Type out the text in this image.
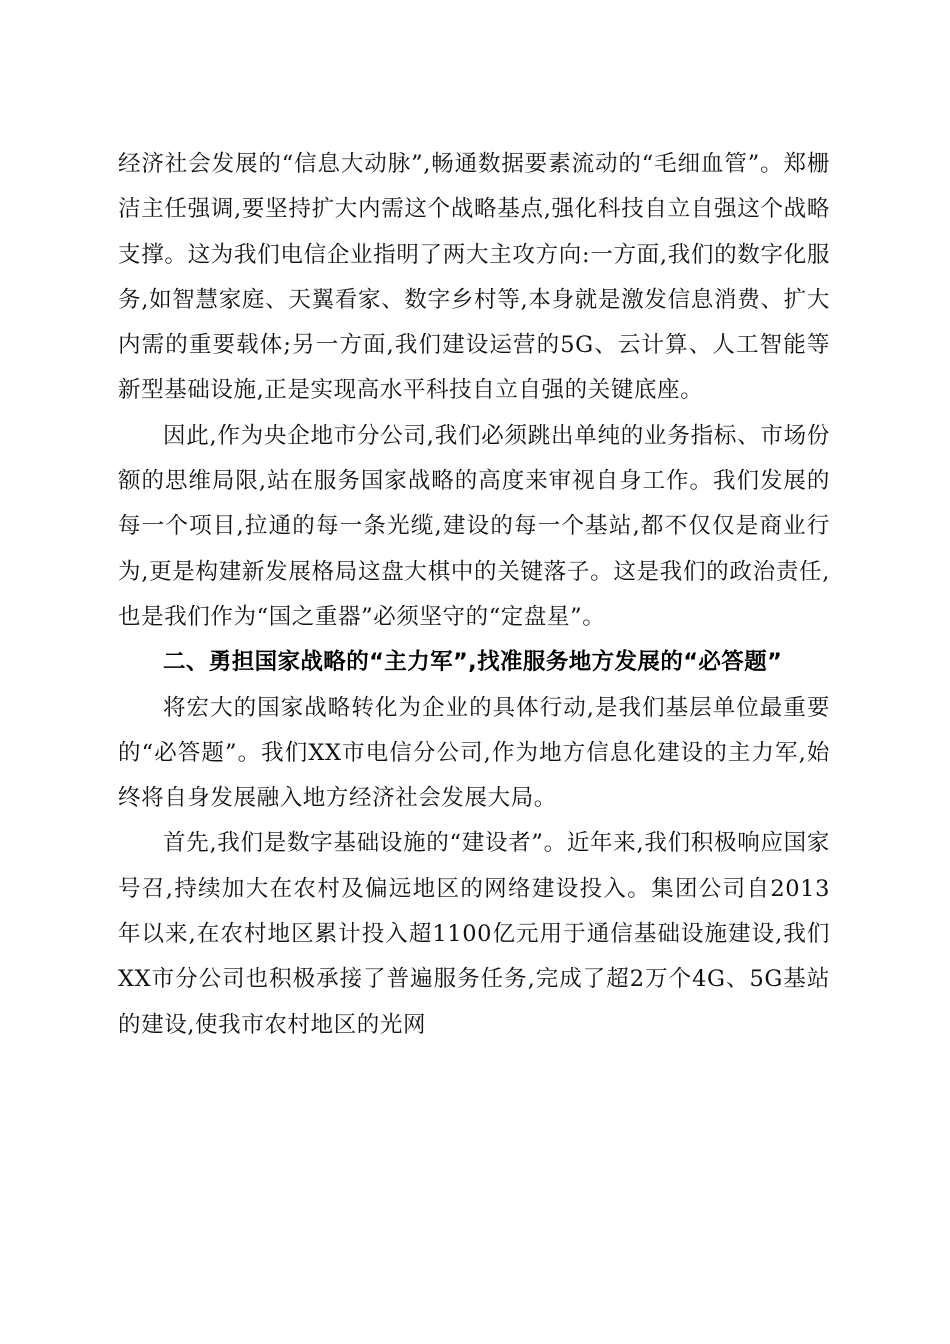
经济社会发展的“信息大动脉”,畅通数据要素流动的“毛细血管”。郑栅洁主任强调,要坚持扩大内需这个战略基点,强化科技自立自强这个战略支撑。这为我们电信企业指明了两大主攻方向:一方面,我们的数字化服务,如智慧家庭、天翼看家、数字乡村等,本身就是激发信息消费、扩大内需的重要载体;另一方面,我们建设运营的5G、云计算、人工智能等新型基础设施,正是实现高水平科技自立自强的关键底座。

因此,作为央企地市分公司,我们必须跳出单纯的业务指标、市场份额的思维局限,站在服务国家战略的高度来审视自身工作。我们发展的每一个项目,拉通的每一条光缆,建设的每一个基站,都不仅仅是商业行为,更是构建新发展格局这盘大棋中的关键落子。这是我们的政治责任,也是我们作为“国之重器”必须坚守的“定盘星”。

二、勇担国家战略的“主力军”,找准服务地方发展的“必答题”

将宏大的国家战略转化为企业的具体行动,是我们基层单位最重要的“必答题”。我们XX市电信分公司,作为地方信息化建设的主力军,始终将自身发展融入地方经济社会发展大局。

首先,我们是数字基础设施的“建设者”。近年来,我们积极响应国家号召,持续加大在农村及偏远地区的网络建设投入。集团公司自2013年以来,在农村地区累计投入超1100亿元用于通信基础设施建设,我们XX市分公司也积极承接了普遍服务任务,完成了超2万个4G、5G基站的建设,使我市农村地区的光网
